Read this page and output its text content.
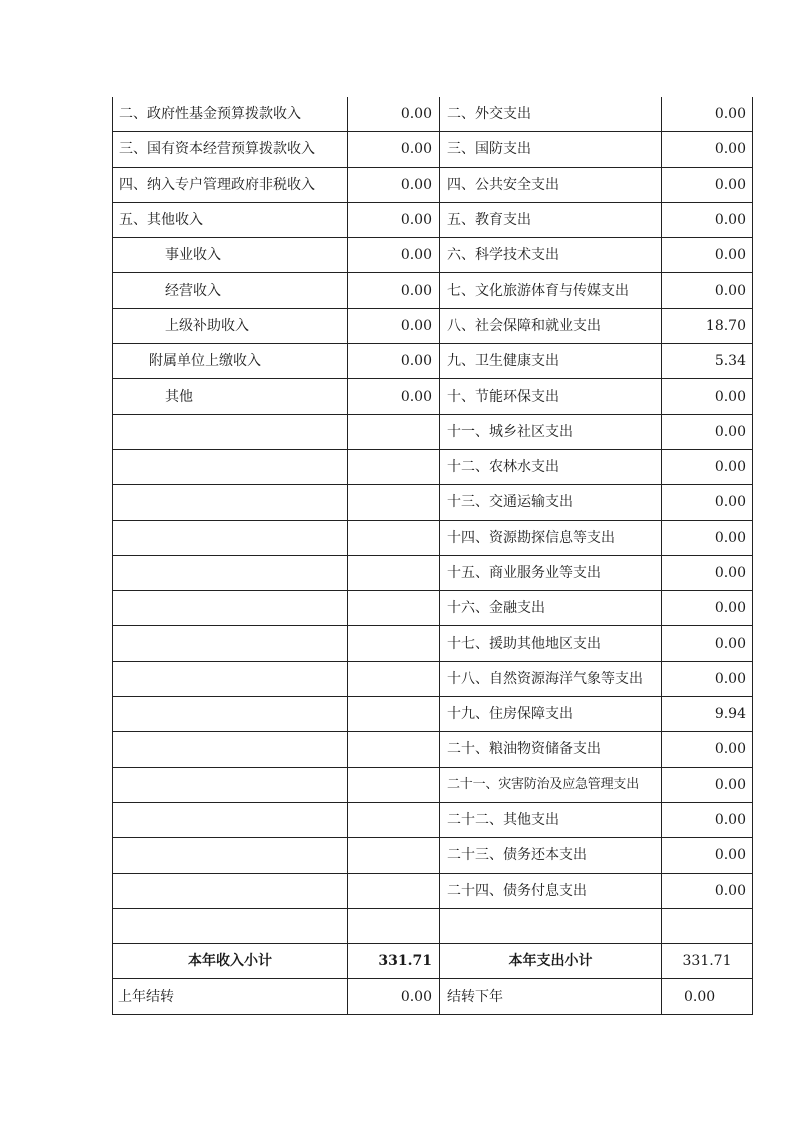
二、政府性基金预算拨款收入	0.00	二、外交支出	0.00
三、国有资本经营预算拨款收入	0.00	三、国防支出	0.00
四、纳入专户管理政府非税收入	0.00	四、公共安全支出	0.00
五、其他收入	0.00	五、教育支出	0.00
事业收入	0.00	六、科学技术支出	0.00
经营收入	0.00	七、文化旅游体育与传媒支出	0.00
上级补助收入	0.00	八、社会保障和就业支出	18.70
附属单位上缴收入	0.00	九、卫生健康支出	5.34
其他	0.00	十、节能环保支出	0.00
		十一、城乡社区支出	0.00
		十二、农林水支出	0.00
		十三、交通运输支出	0.00
		十四、资源勘探信息等支出	0.00
		十五、商业服务业等支出	0.00
		十六、金融支出	0.00
		十七、援助其他地区支出	0.00
		十八、自然资源海洋气象等支出	0.00
		十九、住房保障支出	9.94
		二十、粮油物资储备支出	0.00
		二十一、灾害防治及应急管理支出	0.00
		二十二、其他支出	0.00
		二十三、债务还本支出	0.00
		二十四、债务付息支出	0.00

本年收入小计	331.71	本年支出小计	331.71
上年结转	0.00	结转下年	0.00
